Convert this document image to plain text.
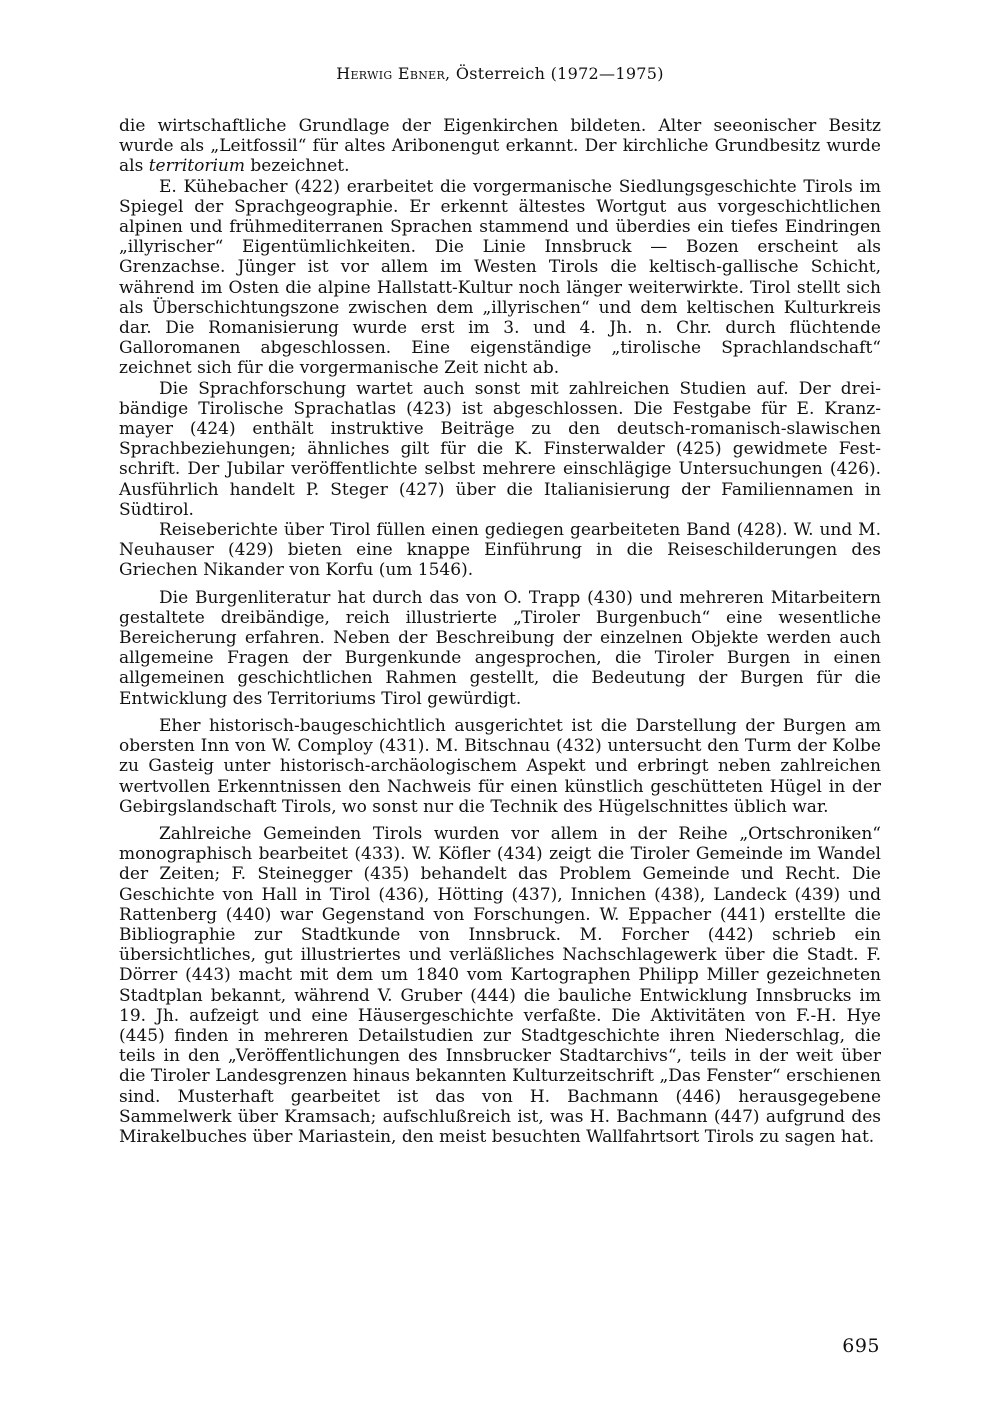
Herwig Ebner, Österreich (1972—1975)

die wirtschaftliche Grundlage der Eigenkirchen bildeten. Alter seeonischer Besitz wurde als „Leitfossil“ für altes Aribonengut erkannt. Der kirchliche Grundbesitz wurde als territorium bezeichnet.

E. Kühebacher (422) erarbeitet die vorgermanische Siedlungsgeschichte Tirols im Spiegel der Sprachgeographie. Er erkennt ältestes Wortgut aus vorgeschichtlichen alpinen und frühmediterranen Sprachen stammend und überdies ein tiefes Eindringen „illyrischer“ Eigentümlichkeiten. Die Linie Innsbruck — Bozen erscheint als Grenzachse. Jünger ist vor allem im Westen Tirols die keltisch-gallische Schicht, während im Osten die alpine Hallstatt-Kultur noch länger weiterwirkte. Tirol stellt sich als Überschichtungszone zwischen dem „illyrischen“ und dem keltischen Kulturkreis dar. Die Romanisierung wurde erst im 3. und 4. Jh. n. Chr. durch flüchtende Galloromanen abgeschlossen. Eine eigenständige „tirolische Sprachlandschaft“ zeichnet sich für die vorgermanische Zeit nicht ab.

Die Sprachforschung wartet auch sonst mit zahlreichen Studien auf. Der dreibändige Tirolische Sprachatlas (423) ist abgeschlossen. Die Festgabe für E. Kranzmayer (424) enthält instruktive Beiträge zu den deutsch-romanisch-slawischen Sprachbeziehungen; ähnliches gilt für die K. Finsterwalder (425) gewidmete Festschrift. Der Jubilar veröffentlichte selbst mehrere einschlägige Untersuchungen (426). Ausführlich handelt P. Steger (427) über die Italianisierung der Familiennamen in Südtirol.

Reiseberichte über Tirol füllen einen gediegen gearbeiteten Band (428). W. und M. Neuhauser (429) bieten eine knappe Einführung in die Reiseschilderungen des Griechen Nikander von Korfu (um 1546).

Die Burgenliteratur hat durch das von O. Trapp (430) und mehreren Mitarbeitern gestaltete dreibändige, reich illustrierte „Tiroler Burgenbuch“ eine wesentliche Bereicherung erfahren. Neben der Beschreibung der einzelnen Objekte werden auch allgemeine Fragen der Burgenkunde angesprochen, die Tiroler Burgen in einen allgemeinen geschichtlichen Rahmen gestellt, die Bedeutung der Burgen für die Entwicklung des Territoriums Tirol gewürdigt.

Eher historisch-baugeschichtlich ausgerichtet ist die Darstellung der Burgen am obersten Inn von W. Comploy (431). M. Bitschnau (432) untersucht den Turm der Kolbe zu Gasteig unter historisch-archäologischem Aspekt und erbringt neben zahlreichen wertvollen Erkenntnissen den Nachweis für einen künstlich geschütteten Hügel in der Gebirgslandschaft Tirols, wo sonst nur die Technik des Hügelschnittes üblich war.

Zahlreiche Gemeinden Tirols wurden vor allem in der Reihe „Ortschroniken“ monographisch bearbeitet (433). W. Köfler (434) zeigt die Tiroler Gemeinde im Wandel der Zeiten; F. Steinegger (435) behandelt das Problem Gemeinde und Recht. Die Geschichte von Hall in Tirol (436), Hötting (437), Innichen (438), Landeck (439) und Rattenberg (440) war Gegenstand von Forschungen. W. Eppacher (441) erstellte die Bibliographie zur Stadtkunde von Innsbruck. M. Forcher (442) schrieb ein übersichtliches, gut illustriertes und verläßliches Nachschlagewerk über die Stadt. F. Dörrer (443) macht mit dem um 1840 vom Kartographen Philipp Miller gezeichneten Stadtplan bekannt, während V. Gruber (444) die bauliche Entwicklung Innsbrucks im 19. Jh. aufzeigt und eine Häusergeschichte verfaßte. Die Aktivitäten von F.-H. Hye (445) finden in mehreren Detailstudien zur Stadtgeschichte ihren Niederschlag, die teils in den „Veröffentlichungen des Innsbrucker Stadtarchivs“, teils in der weit über die Tiroler Landesgrenzen hinaus bekannten Kulturzeitschrift „Das Fenster“ erschienen sind. Musterhaft gearbeitet ist das von H. Bachmann (446) herausgegebene Sammelwerk über Kramsach; aufschlußreich ist, was H. Bachmann (447) aufgrund des Mirakelbuches über Mariastein, den meist besuchten Wallfahrtsort Tirols zu sagen hat.

695
